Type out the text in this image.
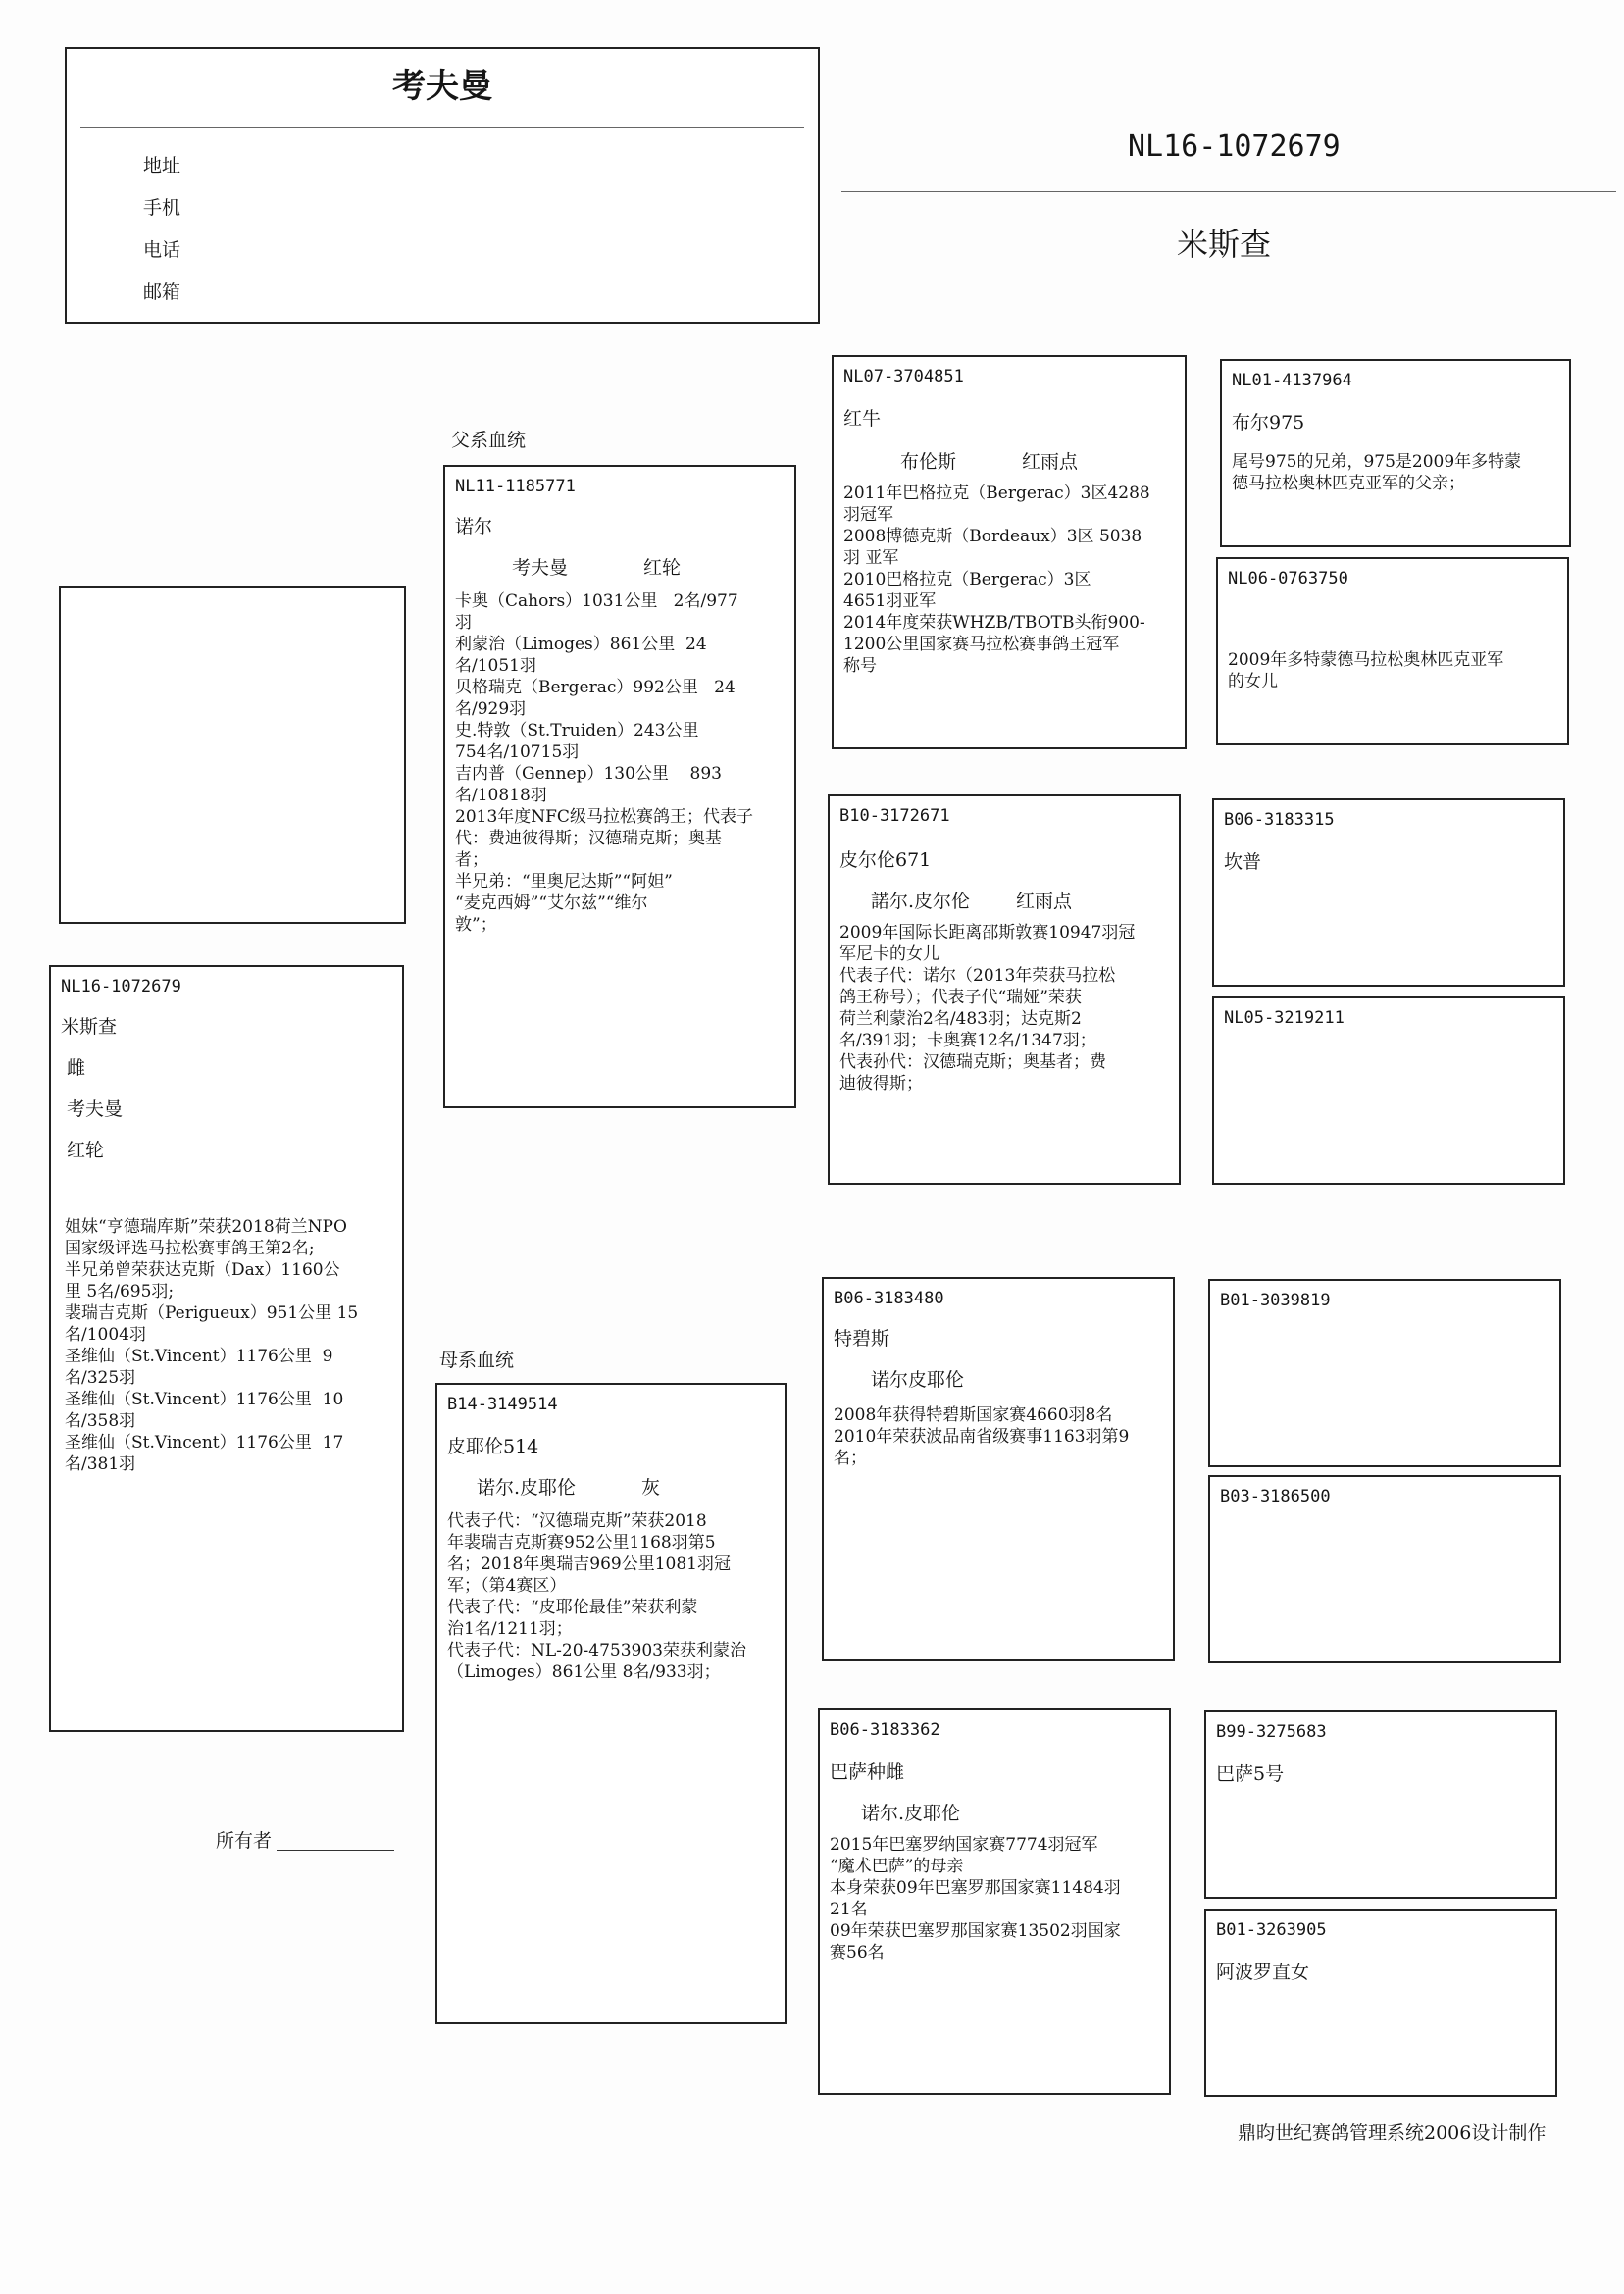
考夫曼
地址
手机
电话
邮箱
NL16-1072679
米斯查
父系血统
母系血统
NL16-1072679
米斯查
雌
考夫曼
红轮
姐妹“亨德瑞库斯”荣获2018荷兰NPO
国家级评选马拉松赛事鸽王第2名;
半兄弟曾荣获达克斯（Dax）1160公
里 5名/695羽;
裴瑞吉克斯（Perigueux）951公里 15
名/1004羽
圣维仙（St.Vincent）1176公里  9
名/325羽
圣维仙（St.Vincent）1176公里  10
名/358羽
圣维仙（St.Vincent）1176公里  17
名/381羽
NL11-1185771
诺尔
考夫曼	红轮
卡奥（Cahors）1031公里   2名/977
羽
利蒙治（Limoges）861公里  24
名/1051羽
贝格瑞克（Bergerac）992公里   24
名/929羽
史.特敦（St.Truiden）243公里
754名/10715羽
吉内普（Gennep）130公里    893
名/10818羽
2013年度NFC级马拉松赛鸽王；代表子
代：费迪彼得斯；汉德瑞克斯；奥基
者；
半兄弟：“里奥尼达斯”“阿妲”
“麦克西姆”“艾尔兹”“维尔
敦”；
B14-3149514
皮耶伦514
诺尔.皮耶伦	灰
代表子代：“汉德瑞克斯”荣获2018
年裴瑞吉克斯赛952公里1168羽第5
名；2018年奥瑞吉969公里1081羽冠
军；（第4赛区）
代表子代：“皮耶伦最佳”荣获利蒙
治1名/1211羽；
代表子代：NL-20-4753903荣获利蒙治
（Limoges）861公里 8名/933羽；
NL07-3704851
红牛
布伦斯	红雨点
2011年巴格拉克（Bergerac）3区4288
羽冠军
2008博德克斯（Bordeaux）3区 5038
羽 亚军
2010巴格拉克（Bergerac）3区
4651羽亚军
2014年度荣获WHZB/TBOTB头衔900-
1200公里国家赛马拉松赛事鸽王冠军
称号
B10-3172671
皮尔伦671
諾尔.皮尔伦 红雨点
2009年国际长距离邵斯敦赛10947羽冠
军尼卡的女儿
代表子代：诺尔（2013年荣获马拉松
鸽王称号）；代表子代“瑞娅”荣获
荷兰利蒙治2名/483羽；达克斯2
名/391羽；卡奥赛12名/1347羽；
代表孙代：汉德瑞克斯；奥基者；费
迪彼得斯；
B06-3183480
特碧斯
诺尔皮耶伦
2008年获得特碧斯国家赛4660羽8名
2010年荣获波品南省级赛事1163羽第9
名；
B06-3183362
巴萨种雌
诺尔.皮耶伦
2015年巴塞罗纳国家赛7774羽冠军
“魔术巴萨”的母亲
本身荣获09年巴塞罗那国家赛11484羽
21名
09年荣获巴塞罗那国家赛13502羽国家
赛56名
NL01-4137964
布尔975
尾号975的兄弟，975是2009年多特蒙
德马拉松奥林匹克亚军的父亲；
NL06-0763750
2009年多特蒙德马拉松奥林匹克亚军
的女儿
B06-3183315
坎普
NL05-3219211
B01-3039819
B03-3186500
B99-3275683
巴萨5号
B01-3263905
阿波罗直女
所有者
鼎昀世纪赛鸽管理系统2006设计制作
